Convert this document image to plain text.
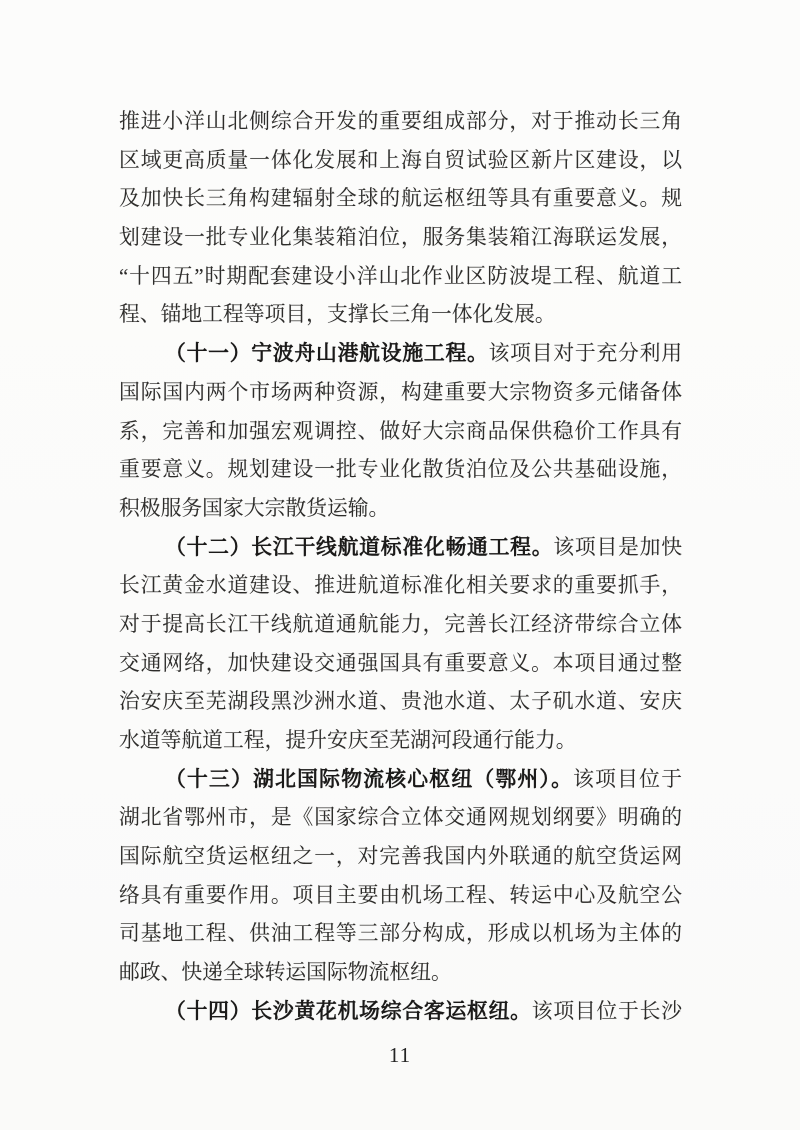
推进小洋山北侧综合开发的重要组成部分，对于推动长三角
区域更高质量一体化发展和上海自贸试验区新片区建设，以
及加快长三角构建辐射全球的航运枢纽等具有重要意义。规
划建设一批专业化集装箱泊位，服务集装箱江海联运发展，
“十四五”时期配套建设小洋山北作业区防波堤工程、航道工
程、锚地工程等项目，支撑长三角一体化发展。
（十一）宁波舟山港航设施工程。该项目对于充分利用
国际国内两个市场两种资源，构建重要大宗物资多元储备体
系，完善和加强宏观调控、做好大宗商品保供稳价工作具有
重要意义。规划建设一批专业化散货泊位及公共基础设施，
积极服务国家大宗散货运输。
（十二）长江干线航道标准化畅通工程。该项目是加快
长江黄金水道建设、推进航道标准化相关要求的重要抓手，
对于提高长江干线航道通航能力，完善长江经济带综合立体
交通网络，加快建设交通强国具有重要意义。本项目通过整
治安庆至芜湖段黑沙洲水道、贵池水道、太子矶水道、安庆
水道等航道工程，提升安庆至芜湖河段通行能力。
（十三）湖北国际物流核心枢纽（鄂州）。该项目位于
湖北省鄂州市，是《国家综合立体交通网规划纲要》明确的
国际航空货运枢纽之一，对完善我国内外联通的航空货运网
络具有重要作用。项目主要由机场工程、转运中心及航空公
司基地工程、供油工程等三部分构成，形成以机场为主体的
邮政、快递全球转运国际物流枢纽。
（十四）长沙黄花机场综合客运枢纽。该项目位于长沙
11
